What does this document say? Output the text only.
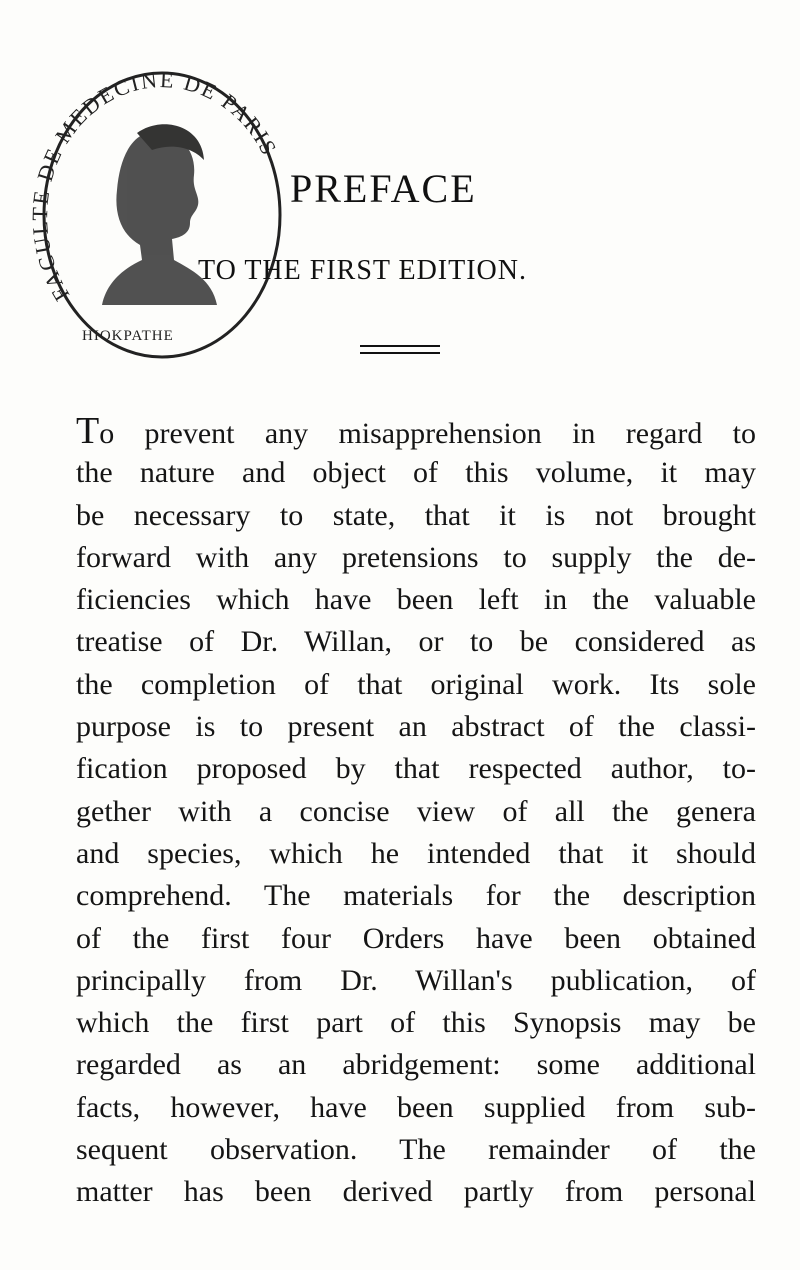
FACULTE DE MEDECINE DE PARIS
HIOKPATHE
PREFACE
TO THE FIRST EDITION.
To prevent any misapprehension in regard to
the nature and object of this volume, it may
be necessary to state, that it is not brought
forward with any pretensions to supply the de-
ficiencies which have been left in the valuable
treatise of Dr. Willan, or to be considered as
the completion of that original work. Its sole
purpose is to present an abstract of the classi-
fication proposed by that respected author, to-
gether with a concise view of all the genera
and species, which he intended that it should
comprehend. The materials for the description
of the first four Orders have been obtained
principally from Dr. Willan's publication, of
which the first part of this Synopsis may be
regarded as an abridgement: some additional
facts, however, have been supplied from sub-
sequent observation. The remainder of the
matter has been derived partly from personal
